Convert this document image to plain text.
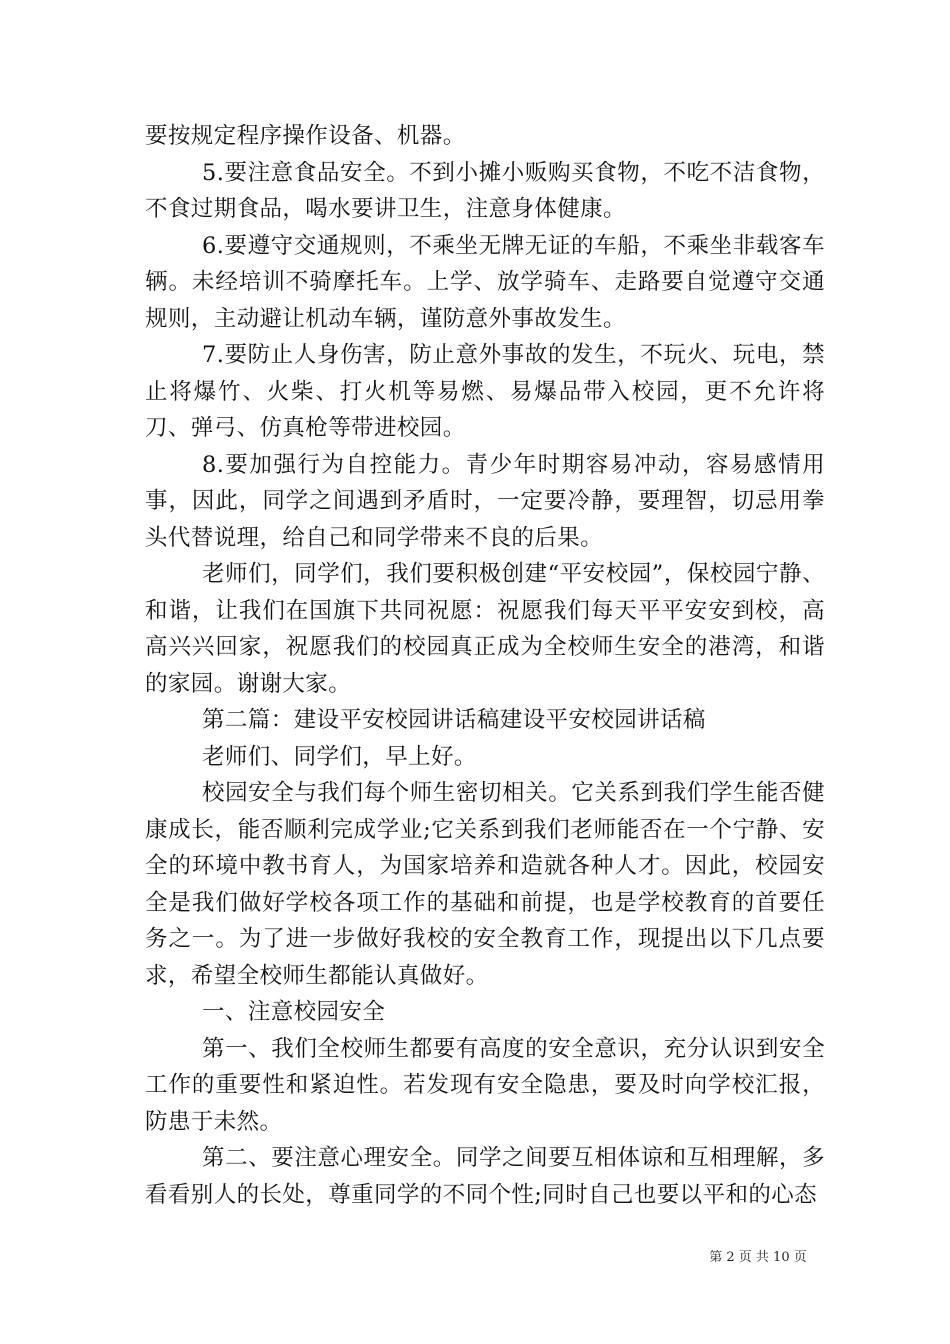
要按规定程序操作设备、机器。

5.要注意食品安全。不到小摊小贩购买食物，不吃不洁食物，不食过期食品，喝水要讲卫生，注意身体健康。

6.要遵守交通规则，不乘坐无牌无证的车船，不乘坐非载客车辆。未经培训不骑摩托车。上学、放学骑车、走路要自觉遵守交通规则，主动避让机动车辆，谨防意外事故发生。

7.要防止人身伤害，防止意外事故的发生，不玩火、玩电，禁止将爆竹、火柴、打火机等易燃、易爆品带入校园，更不允许将刀、弹弓、仿真枪等带进校园。

8.要加强行为自控能力。青少年时期容易冲动，容易感情用事，因此，同学之间遇到矛盾时，一定要冷静，要理智，切忌用拳头代替说理，给自己和同学带来不良的后果。

老师们，同学们，我们要积极创建“平安校园”，保校园宁静、和谐，让我们在国旗下共同祝愿：祝愿我们每天平平安安到校，高高兴兴回家，祝愿我们的校园真正成为全校师生安全的港湾，和谐的家园。谢谢大家。

第二篇：建设平安校园讲话稿建设平安校园讲话稿

老师们、同学们，早上好。

校园安全与我们每个师生密切相关。它关系到我们学生能否健康成长，能否顺利完成学业;它关系到我们老师能否在一个宁静、安全的环境中教书育人，为国家培养和造就各种人才。因此，校园安全是我们做好学校各项工作的基础和前提，也是学校教育的首要任务之一。为了进一步做好我校的安全教育工作，现提出以下几点要求，希望全校师生都能认真做好。

一、注意校园安全

第一、我们全校师生都要有高度的安全意识，充分认识到安全工作的重要性和紧迫性。若发现有安全隐患，要及时向学校汇报，防患于未然。

第二、要注意心理安全。同学之间要互相体谅和互相理解，多看看别人的长处，尊重同学的不同个性;同时自己也要以平和的心态

第 2 页 共 10 页
